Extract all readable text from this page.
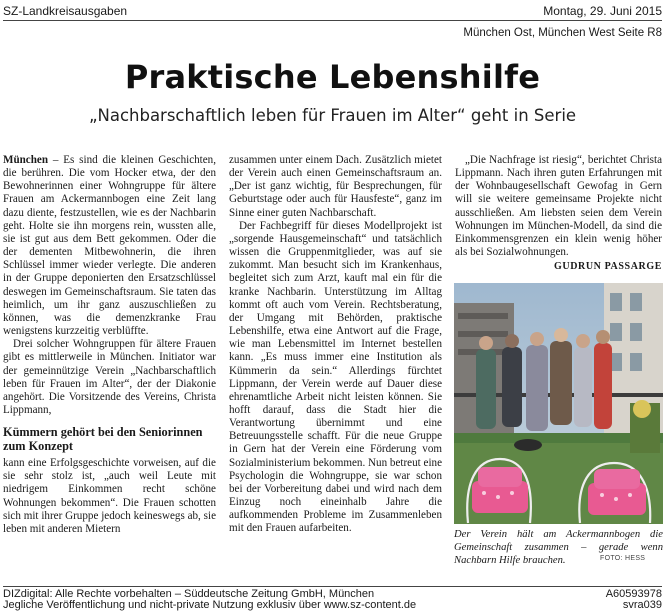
SZ-Landkreisausgaben	Montag, 29. Juni 2015
München Ost, München West Seite R8
Praktische Lebenshilfe
„Nachbarschaftlich leben für Frauen im Alter“ geht in Serie

München – Es sind die kleinen Geschichten, die berühren. Die vom Hocker etwa, der den Bewohnerinnen einer Wohngruppe für ältere Frauen am Ackermannbogen eine Zeit lang dazu diente, festzustellen, wie es der Nachbarin geht. Holte sie ihn morgens rein, wussten alle, sie ist gut aus dem Bett gekommen. Oder die der dementen Mitbewohnerin, die ihren Schlüssel immer wieder verlegte. Die anderen in der Gruppe deponierten den Ersatzschlüssel deswegen im Gemeinschaftsraum. Sie taten das heimlich, um ihr ganz auszuschließen zu können, was die demenzkranke Frau wenigstens kurzzeitig verblüffte.

Drei solcher Wohngruppen für ältere Frauen gibt es mittlerweile in München. Initiator war der gemeinnützige Verein „Nachbarschaftlich leben für Frauen im Alter“, der der Diakonie angehört. Die Vorsitzende des Vereins, Christa Lippmann,

Kümmern gehört bei den Seniorinnen zum Konzept

kann eine Erfolgsgeschichte vorweisen, auf die sie sehr stolz ist, „auch weil Leute mit niedrigem Einkommen recht schöne Wohnungen bekommen“. Die Frauen schotten sich mit ihrer Gruppe jedoch keineswegs ab, sie leben mit anderen Mietern

zusammen unter einem Dach. Zusätzlich mietet der Verein auch einen Gemeinschaftsraum an. „Der ist ganz wichtig, für Besprechungen, für Geburtstage oder auch für Hausfeste“, ganz im Sinne einer guten Nachbarschaft.

Der Fachbegriff für dieses Modellprojekt ist „sorgende Hausgemeinschaft“ und tatsächlich wissen die Gruppenmitglieder, was auf sie zukommt. Man besucht sich im Krankenhaus, begleitet sich zum Arzt, kauft mal ein für die kranke Nachbarin. Unterstützung im Alltag kommt oft auch vom Verein. Rechtsberatung, der Umgang mit Behörden, praktische Lebenshilfe, etwa eine Antwort auf die Frage, wie man Lebensmittel im Internet bestellen kann. „Es muss immer eine Institution als Kümmerin da sein.“ Allerdings fürchtet Lippmann, der Verein werde auf Dauer diese ehrenamtliche Arbeit nicht leisten können. Sie hofft darauf, dass die Stadt hier die Verantwortung übernimmt und eine Betreuungsstelle schafft. Für die neue Gruppe in Gern hat der Verein eine Förderung vom Sozialministerium bekommen. Nun betreut eine Psychologin die Wohngruppe, sie war schon bei der Vorbereitung dabei und wird nach dem Einzug noch eineinhalb Jahre die aufkommenden Probleme im Zusammenleben mit den Frauen aufarbeiten.

„Die Nachfrage ist riesig“, berichtet Christa Lippmann. Nach ihren guten Erfahrungen mit der Wohnbaugesellschaft Gewofag in Gern will sie weitere gemeinsame Projekte nicht ausschließen. Am liebsten seien dem Verein Wohnungen im München-Modell, da sind die Einkommensgrenzen ein klein wenig höher als bei Sozialwohnungen.

GUDRUN PASSARGE

Der Verein hält am Ackermannbogen die Gemeinschaft zusammen – gerade wenn Nachbarn Hilfe brauchen.	FOTO: HESS
DIZdigital: Alle Rechte vorbehalten – Süddeutsche Zeitung GmbH, München
Jegliche Veröffentlichung und nicht-private Nutzung exklusiv über www.sz-content.de
A60593978
svra039
